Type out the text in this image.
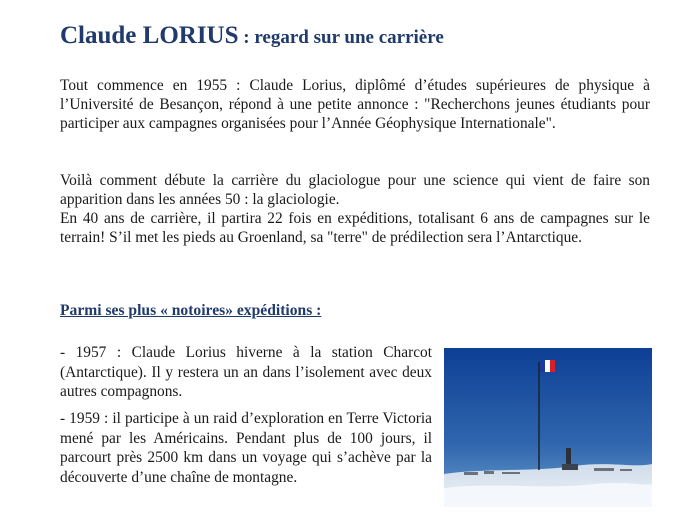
Claude LORIUS : regard sur une carrière

Tout commence en 1955 : Claude Lorius, diplômé d’études supérieures de physique à l’Université de Besançon, répond à une petite annonce : "Recherchons jeunes étudiants pour participer aux campagnes organisées pour l’Année Géophysique Internationale".

Voilà comment débute la carrière du glaciologue pour une science qui vient de faire son apparition dans les années 50 : la glaciologie.
En 40 ans de carrière, il partira 22 fois en expéditions, totalisant 6 ans de campagnes sur le terrain! S’il met les pieds au Groenland, sa "terre" de prédilection sera l’Antarctique.
Parmi ses plus « notoires» expéditions :

- 1957 : Claude Lorius hiverne à la station Charcot (Antarctique). Il y restera un an dans l’isolement avec deux autres compagnons.

- 1959 : il participe à un raid d’exploration en Terre Victoria mené par les Américains. Pendant plus de 100 jours, il parcourt près 2500 km dans un voyage qui s’achève par la découverte d’une chaîne de montagne.
